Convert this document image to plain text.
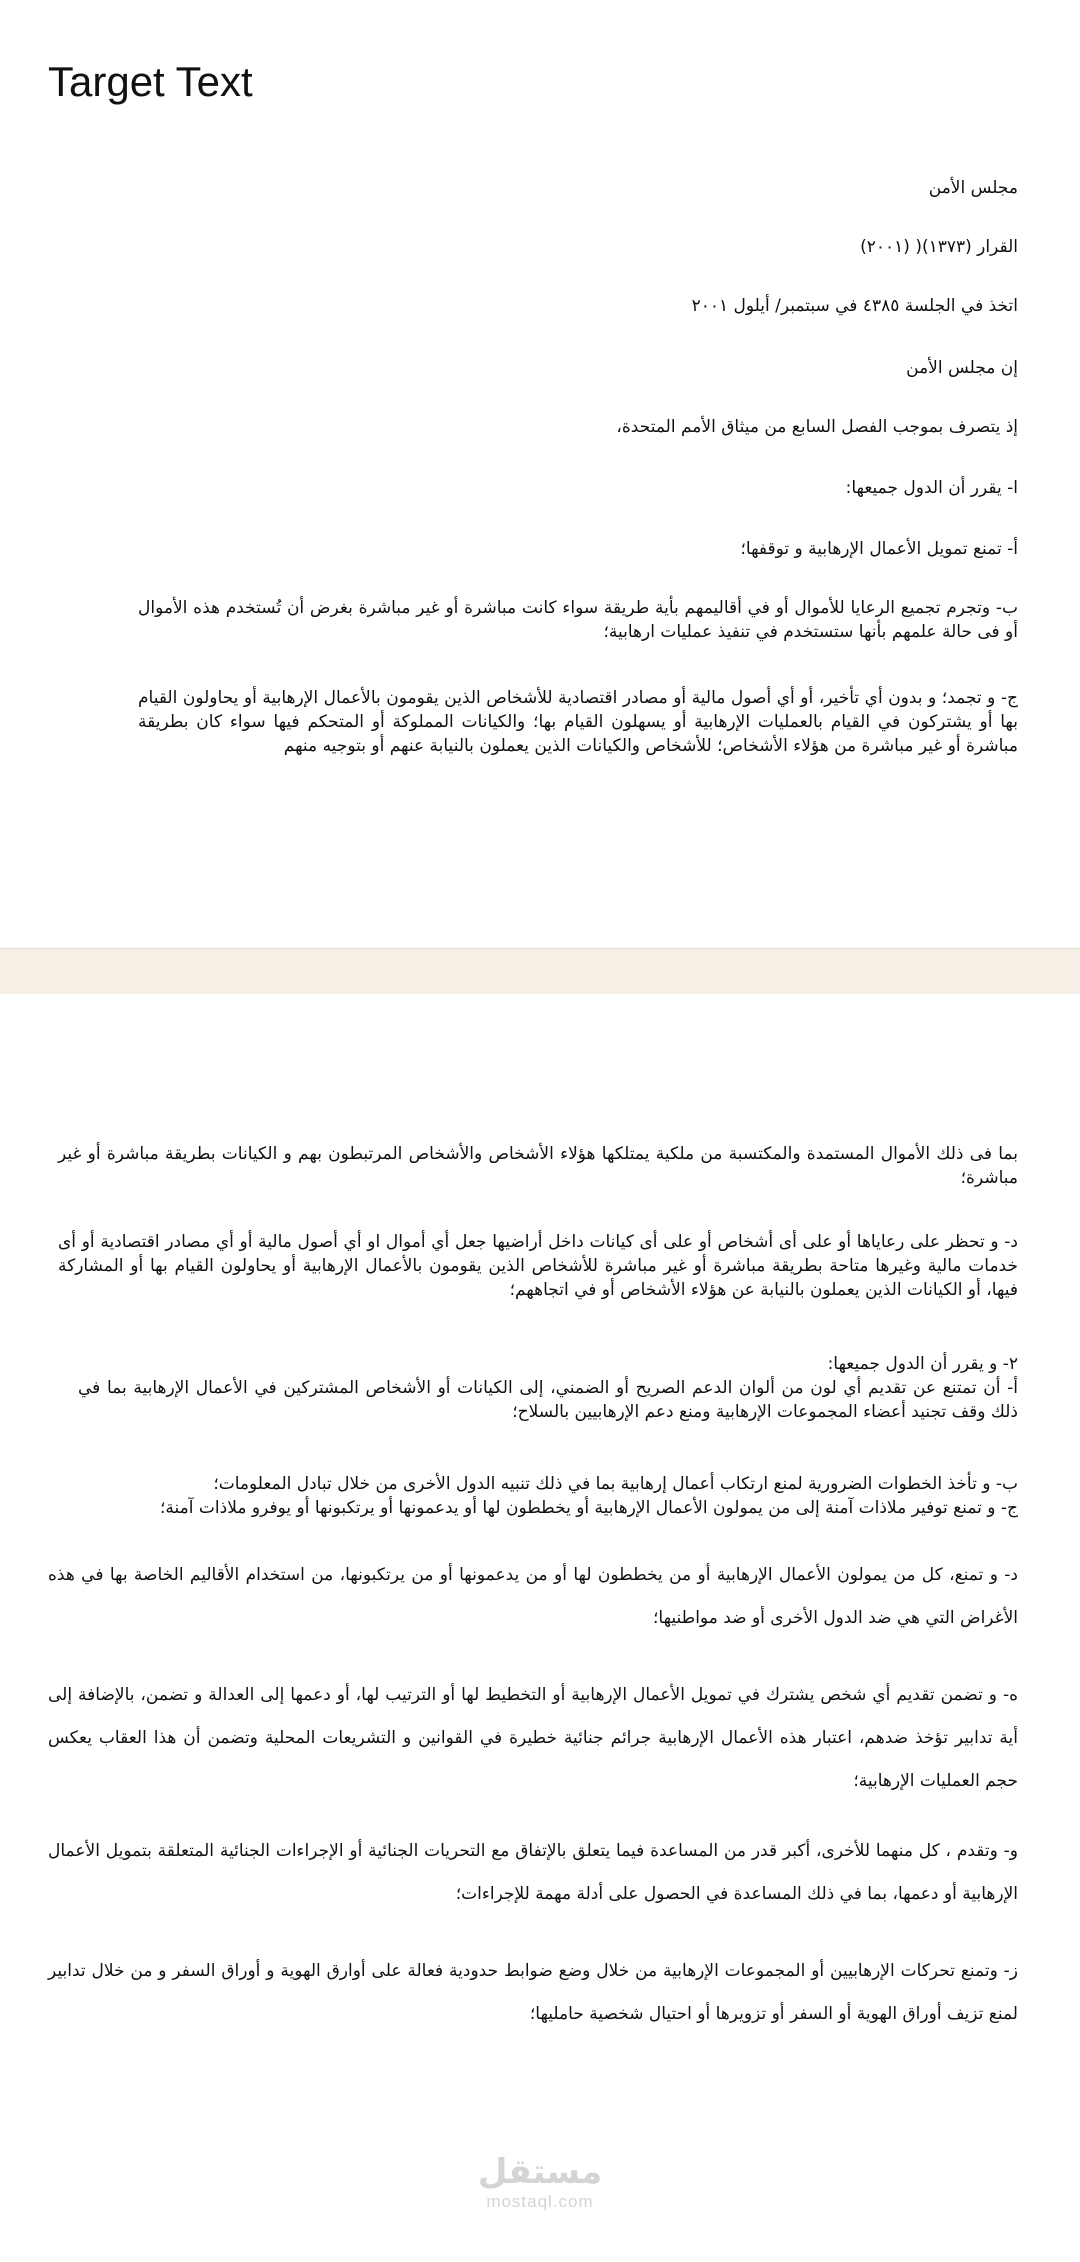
Target Text
مجلس الأمن
القرار (١٣٧٣)( (٢٠٠١)
اتخذ في الجلسة ٤٣٨٥ في سبتمبر/ أيلول ٢٠٠١
إن مجلس الأمن
إذ يتصرف بموجب الفصل السابع من ميثاق الأمم المتحدة،
ا- يقرر أن الدول جميعها:
أ- تمنع تمويل الأعمال الإرهابية و توقفها؛
ب- وتجرم تجميع الرعايا للأموال أو في أقاليمهم بأية طريقة سواء كانت مباشرة أو غير مباشرة بغرض أن تُستخدم هذه الأموال أو فى حالة علمهم بأنها ستستخدم في تنفيذ عمليات ارهابية؛
ج- و تجمد؛ و بدون أي تأخير، أو أي أصول مالية أو مصادر اقتصادية للأشخاص الذين يقومون بالأعمال الإرهابية أو يحاولون القيام بها أو يشتركون في القيام بالعمليات الإرهابية أو يسهلون القيام بها؛ والكيانات المملوكة أو المتحكم فيها سواء كان بطريقة مباشرة أو غير مباشرة من هؤلاء الأشخاص؛ للأشخاص والكيانات الذين يعملون بالنيابة عنهم أو بتوجيه منهم
بما فى ذلك الأموال المستمدة والمكتسبة من ملكية يمتلكها هؤلاء الأشخاص والأشخاص المرتبطون بهم و الكيانات بطريقة مباشرة أو غير مباشرة؛
د- و تحظر على رعاياها أو على أى أشخاص أو على أى كيانات داخل أراضيها جعل أي أموال او أي أصول مالية أو أي مصادر اقتصادية أو أى خدمات مالية وغيرها متاحة بطريقة مباشرة أو غير مباشرة للأشخاص الذين يقومون بالأعمال الإرهابية أو يحاولون القيام بها أو المشاركة فيها، أو الكيانات الذين يعملون بالنيابة عن هؤلاء الأشخاص أو في اتجاههم؛
٢- و يقرر أن الدول جميعها:
أ- أن تمتنع عن تقديم أي لون من ألوان الدعم الصريح أو الضمني، إلى الكيانات أو الأشخاص المشتركين في الأعمال الإرهابية بما في ذلك وقف تجنيد أعضاء المجموعات الإرهابية ومنع دعم الإرهابيين بالسلاح؛
ب- و تأخذ الخطوات الضرورية لمنع ارتكاب أعمال إرهابية بما في ذلك تنبيه الدول الأخرى من خلال تبادل المعلومات؛
ج- و تمنع توفير ملاذات آمنة إلى من يمولون الأعمال الإرهابية أو يخططون لها أو يدعمونها أو يرتكبونها أو يوفرو ملاذات آمنة؛
د- و تمنع، كل من يمولون الأعمال الإرهابية أو من يخططون لها أو من يدعمونها أو من يرتكبونها، من استخدام الأقاليم الخاصة بها في هذه الأغراض التي هي ضد الدول الأخرى أو ضد مواطنيها؛
ه- و تضمن تقديم أي شخص يشترك في تمويل الأعمال الإرهابية أو التخطيط لها أو الترتيب لها، أو دعمها إلى العدالة و تضمن، بالإضافة إلى أية تدابير تؤخذ ضدهم، اعتبار هذه الأعمال الإرهابية جرائم جنائية خطيرة في القوانين و التشريعات المحلية وتضمن أن هذا العقاب يعكس حجم العمليات الإرهابية؛
و- وتقدم ، كل منهما للأخرى، أكبر قدر من المساعدة فيما يتعلق بالإتفاق مع التحريات الجنائية أو الإجراءات الجنائية المتعلقة بتمويل الأعمال الإرهابية أو دعمها، بما في ذلك المساعدة في الحصول على أدلة مهمة للإجراءات؛
ز- وتمنع تحركات الإرهابيين أو المجموعات الإرهابية من خلال وضع ضوابط حدودية فعالة على أوارق الهوية و أوراق السفر و من خلال تدابير لمنع تزيف أوراق الهوية أو السفر أو تزويرها أو احتيال شخصية حامليها؛
مستقل
mostaql.com
